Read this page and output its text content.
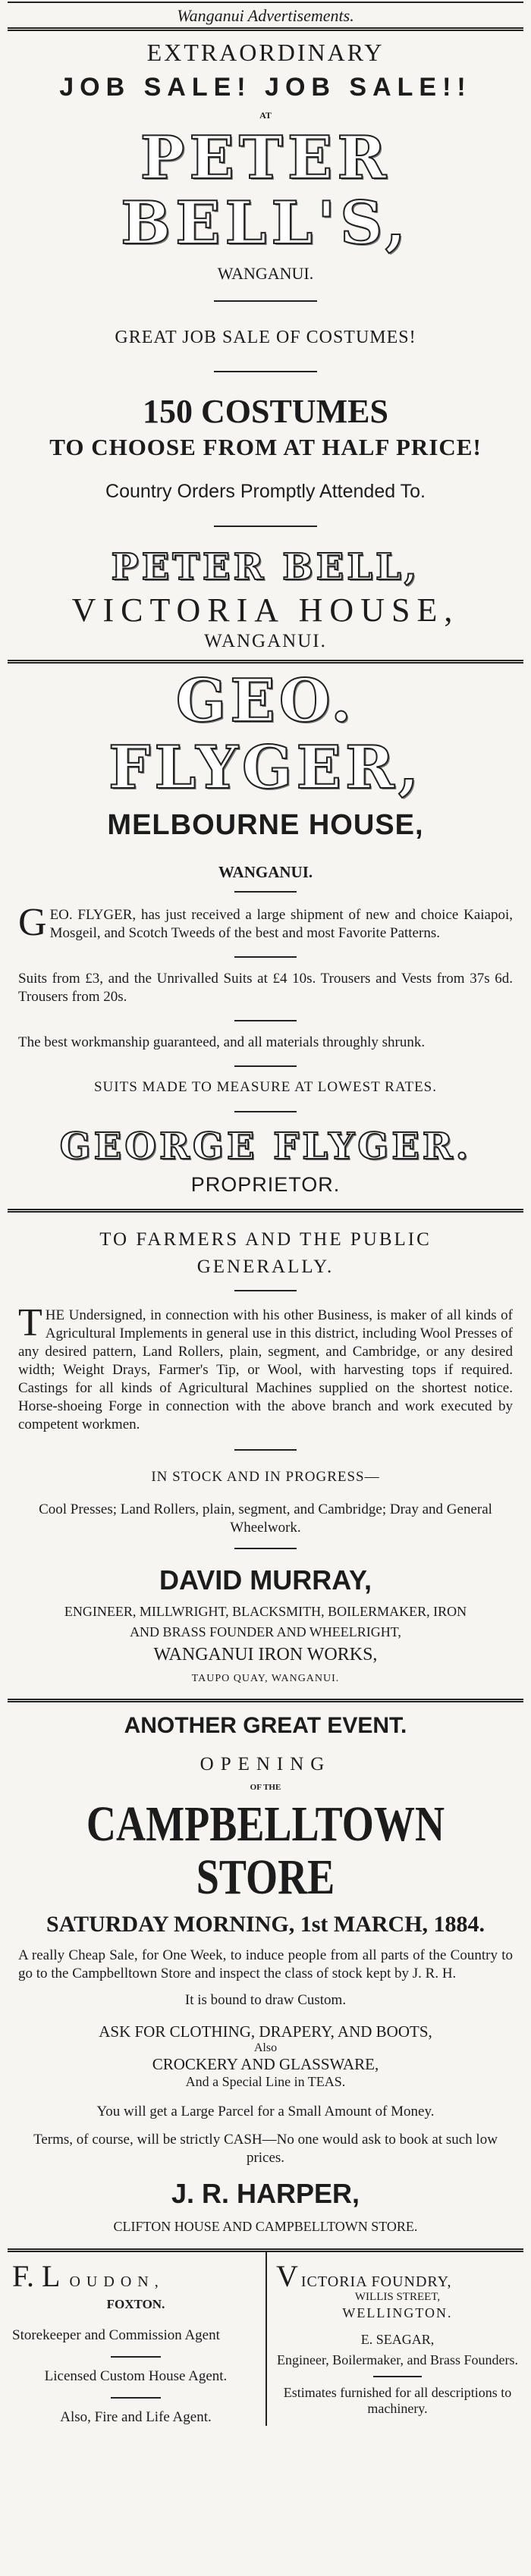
Wanganui Advertisements.

EXTRAORDINARY

JOB SALE! JOB SALE!!

AT

PETER BELL'S,

WANGANUI.

GREAT JOB SALE OF COSTUMES!

150 COSTUMES

TO CHOOSE FROM AT HALF PRICE!

Country Orders Promptly Attended To.

PETER BELL,

VICTORIA HOUSE,

WANGANUI.

GEO. FLYGER,

MELBOURNE HOUSE,

WANGANUI.

GEO. FLYGER, has just received a large shipment of new and choice Kaiapoi, Mosgeil, and Scotch Tweeds of the best and most Favorite Patterns.

Suits from £3, and the Unrivalled Suits at £4 10s. Trousers and Vests from 37s 6d. Trousers from 20s.

The best workmanship guaranteed, and all materials throughly shrunk.

SUITS MADE TO MEASURE AT LOWEST RATES.

GEORGE FLYGER.

PROPRIETOR.

TO FARMERS AND THE PUBLIC

GENERALLY.

THE Undersigned, in connection with his other Business, is maker of all kinds of Agricultural Implements in general use in this district, including Wool Presses of any desired pattern, Land Rollers, plain, segment, and Cambridge, or any desired width; Weight Drays, Farmer's Tip, or Wool, with harvesting tops if required. Castings for all kinds of Agricultural Machines supplied on the shortest notice. Horse-shoeing Forge in connection with the above branch and work executed by competent workmen.

IN STOCK AND IN PROGRESS—

Cool Presses; Land Rollers, plain, segment, and Cambridge; Dray and General Wheelwork.

DAVID MURRAY,

ENGINEER, MILLWRIGHT, BLACKSMITH, BOILERMAKER, IRON

AND BRASS FOUNDER AND WHEELRIGHT,

WANGANUI IRON WORKS,

TAUPO QUAY, WANGANUI.

ANOTHER GREAT EVENT.

OPENING

OF THE

CAMPBELLTOWN STORE

SATURDAY MORNING, 1st MARCH, 1884.

A really Cheap Sale, for One Week, to induce people from all parts of the Country to go to the Campbelltown Store and inspect the class of stock kept by J. R. H.

It is bound to draw Custom.

ASK FOR CLOTHING, DRAPERY, AND BOOTS,

Also

CROCKERY AND GLASSWARE,

And a Special Line in TEAS.

You will get a Large Parcel for a Small Amount of Money.

Terms, of course, will be strictly CASH—No one would ask to book at such low prices.

J. R. HARPER,

CLIFTON HOUSE AND CAMPBELLTOWN STORE.

F. L OUDON,

FOXTON.

Storekeeper and Commission Agent

Licensed Custom House Agent.

Also, Fire and Life Agent.

V ICTORIA FOUNDRY,

WILLIS STREET,

WELLINGTON.

E. SEAGAR,

Engineer, Boilermaker, and Brass Founders.

Estimates furnished for all descriptions to machinery.
